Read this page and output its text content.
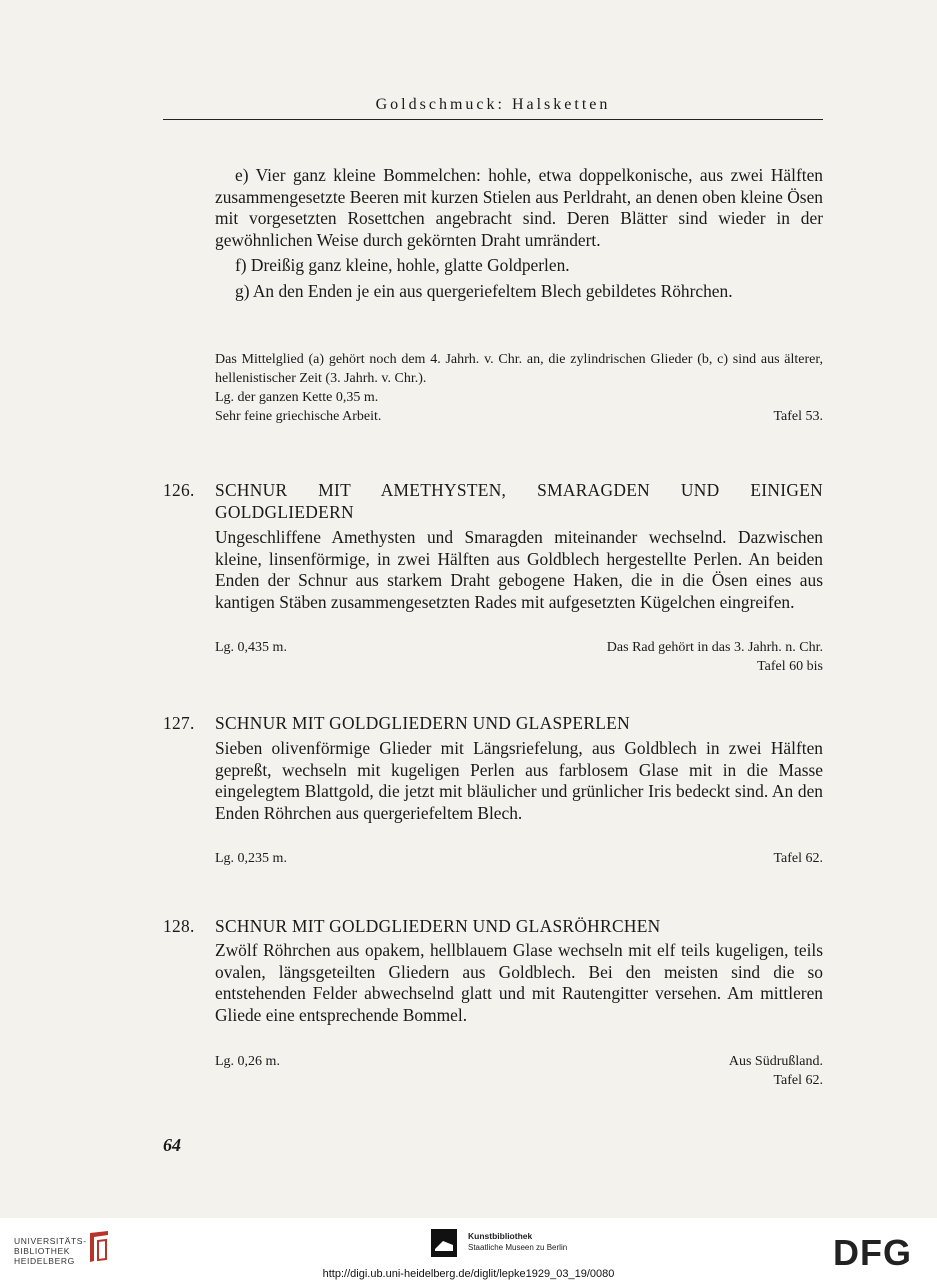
Goldschmuck: Halsketten

e) Vier ganz kleine Bommelchen: hohle, etwa doppelkonische, aus zwei Hälften zusammengesetzte Beeren mit kurzen Stielen aus Perldraht, an denen oben kleine Ösen mit vorgesetzten Rosettchen angebracht sind. Deren Blätter sind wieder in der gewöhnlichen Weise durch gekörnten Draht umrändert.

f) Dreißig ganz kleine, hohle, glatte Goldperlen.

g) An den Enden je ein aus quergeriefeltem Blech gebildetes Röhrchen.

Das Mittelglied (a) gehört noch dem 4. Jahrh. v. Chr. an, die zylindrischen Glieder (b, c) sind aus älterer, hellenistischer Zeit (3. Jahrh. v. Chr.).
Lg. der ganzen Kette 0,35 m.
Sehr feine griechische Arbeit.	Tafel 53.
126. SCHNUR MIT AMETHYSTEN, SMARAGDEN UND EINIGEN GOLDGLIEDERN
Ungeschliffene Amethysten und Smaragden miteinander wechselnd. Dazwischen kleine, linsenförmige, in zwei Hälften aus Goldblech hergestellte Perlen. An beiden Enden der Schnur aus starkem Draht gebogene Haken, die in die Ösen eines aus kantigen Stäben zusammengesetzten Rades mit aufgesetzten Kügelchen eingreifen.
Lg. 0,435 m.	Das Rad gehört in das 3. Jahrh. n. Chr.
Tafel 60 bis
127. SCHNUR MIT GOLDGLIEDERN UND GLASPERLEN
Sieben olivenförmige Glieder mit Längsriefelung, aus Goldblech in zwei Hälften gepreßt, wechseln mit kugeligen Perlen aus farblosem Glase mit in die Masse eingelegtem Blattgold, die jetzt mit bläulicher und grünlicher Iris bedeckt sind. An den Enden Röhrchen aus quergeriefeltem Blech.
Lg. 0,235 m.	Tafel 62.
128. SCHNUR MIT GOLDGLIEDERN UND GLASRÖHRCHEN
Zwölf Röhrchen aus opakem, hellblauem Glase wechseln mit elf teils kugeligen, teils ovalen, längsgeteilten Gliedern aus Goldblech. Bei den meisten sind die so entstehenden Felder abwechselnd glatt und mit Rautengitter versehen. Am mittleren Gliede eine entsprechende Bommel.
Lg. 0,26 m.	Aus Südrußland.
Tafel 62.
64
UNIVERSITÄTS-
BIBLIOTHEK
HEIDELBERG
Kunstbibliothek
Staatliche Museen zu Berlin	DFG
http://digi.ub.uni-heidelberg.de/diglit/lepke1929_03_19/0080
